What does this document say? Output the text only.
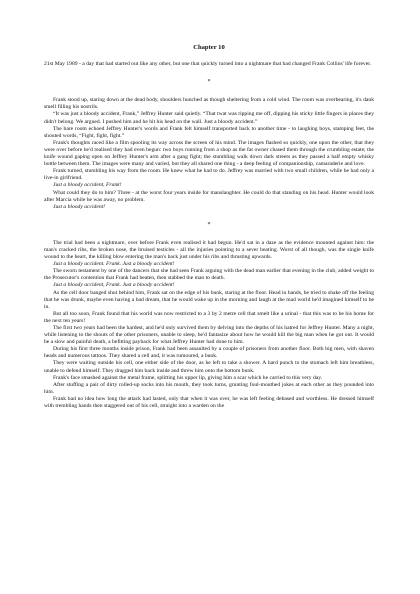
Chapter 10

21st May 1989 - a day that had started out like any other, but one that quickly turned into a nightmare that had changed Frank Collins' life forever.

*

Frank stood up, staring down at the dead body, shoulders hunched as though sheltering from a cold wind. The room was overbearing, it's dank smell filling his nostrils.

“It was just a bloody accident, Frank,” Jeffrey Hunter said quietly. “That twat was ripping me off, dipping his sticky little fingers in places they didn't belong. We argued. I pushed him and he hit his head on the wall. Just a bloody accident.”

The bare room echoed Jeffrey Hunter's words and Frank felt himself transported back to another time - to laughing boys, stamping feet, the shouted words, “Fight, fight, fight.”

Frank's thoughts raced like a film spooling its way across the screen of his mind. The images flashed so quickly, one upon the other, that they were over before he'd realised they had even begun: two boys running from a shop as the fat owner chased them through the crumbling estate; the knife wound gaping open on Jeffrey Hunter's arm after a gang fight; the stumbling walk down dark streets as they passed a half empty whisky bottle between them. The images were many and varied, but they all shared one thing - a deep feeling of companionship, camaraderie and love.

Frank turned, stumbling his way from the room. He knew what he had to do. Jeffrey was married with two small children, while he had only a live-in girlfriend.

Just a bloody accident, Frank!

What could they do to him? Three - at the worst four years inside for manslaughter. He could do that standing on his head. Hunter would look after Marcia while he was away, no problem.

Just a bloody accident!

*

The trial had been a nightmare, over before Frank even realised it had begun. He'd sat in a daze as the evidence mounted against him: the man's cracked ribs, the broken nose, the bruised testicles - all the injuries pointing to a sever beating. Worst of all though, was the single knife wound to the heart, the killing blow entering the man's back just under his ribs and thrusting upwards.

Just a bloody accident. Frank. Just a bloody accident!

The sworn testament by one of the dancers that she had seen Frank arguing with the dead man earlier that evening in the club, added weight to the Prosecutor's contention that Frank had beaten, then stabbed the man to death.

Just a bloody accident, Frank. Just a bloody accident!

As the cell door banged shut behind him, Frank sat on the edge of his bunk, staring at the floor. Head in hands, he tried to shake off the feeling that he was drunk, maybe even having a bad dream, that he would wake up in the morning and laugh at the mad world he'd imagined himself to be in.

But all too soon, Frank found that his world was now restricted to a 3 by 2 metre cell that smelt like a urinal - that this was to be his home for the next ten years!

The first two years had been the hardest, and he'd only survived them by delving into the depths of his hatred for Jeffrey Hunter. Many a night, while listening to the shouts of the other prisoners, unable to sleep, he'd fantasize about how he would kill the big man when he got out. It would be a slow and painful death, a befitting payback for what Jeffrey Hunter had done to him.

During his first three months inside prison, Frank had been assaulted by a couple of prisoners from another floor. Both big men, with shaven heads and numerous tattoos. They shared a cell and, it was rumoured, a bunk.

They were waiting outside his cell, one either side of the door, as he left to take a shower. A hard punch to the stomach left him breathless, unable to defend himself. They dragged him back inside and threw him onto the bottom bunk.

Frank's face smashed against the metal frame, splitting his upper lip, giving him a scar which he carried to this very day.

After stuffing a pair of dirty rolled-up socks into his mouth, they took turns, grunting foul-mouthed jokes at each other as they pounded into him.

Frank had no idea how long the attack had lasted, only that when it was over, he was left feeling debased and worthless. He dressed himself with trembling hands then staggered out of his cell, straight into a warden on the
